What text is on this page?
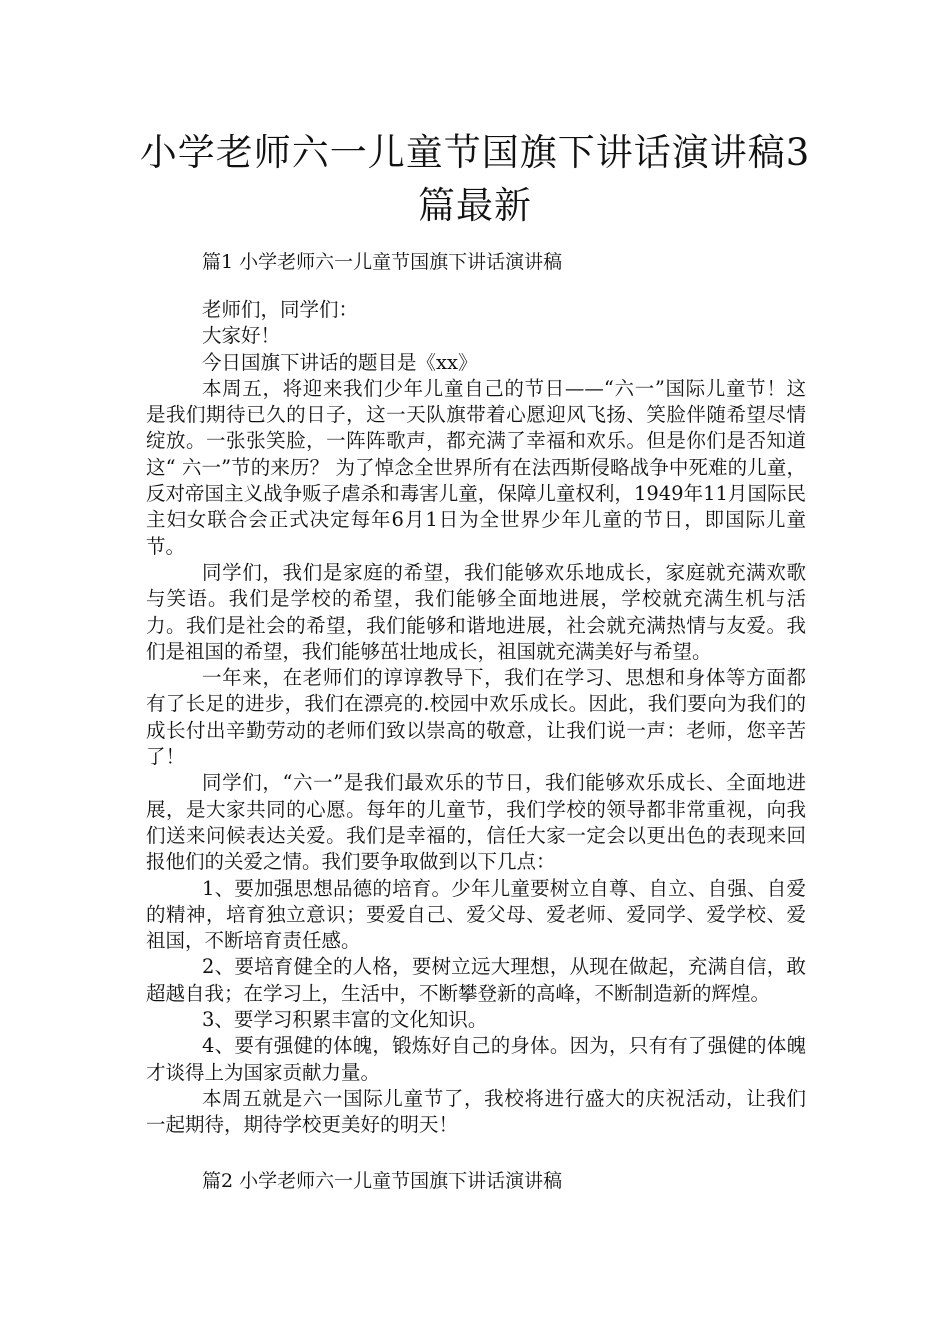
小学老师六一儿童节国旗下讲话演讲稿3篇最新
篇1 小学老师六一儿童节国旗下讲话演讲稿

老师们，同学们：

大家好！

今日国旗下讲话的题目是《xx》

本周五，将迎来我们少年儿童自己的节日——“六一”国际儿童节！这是我们期待已久的日子，这一天队旗带着心愿迎风飞扬、笑脸伴随希望尽情绽放。一张张笑脸，一阵阵歌声，都充满了幸福和欢乐。但是你们是否知道这“ 六一”节的来历？ 为了悼念全世界所有在法西斯侵略战争中死难的儿童，反对帝国主义战争贩子虐杀和毒害儿童，保障儿童权利，1949年11月国际民主妇女联合会正式决定每年6月1日为全世界少年儿童的节日，即国际儿童节。

同学们，我们是家庭的希望，我们能够欢乐地成长，家庭就充满欢歌与笑语。我们是学校的希望，我们能够全面地进展，学校就充满生机与活力。我们是社会的希望，我们能够和谐地进展，社会就充满热情与友爱。我们是祖国的希望，我们能够茁壮地成长，祖国就充满美好与希望。

一年来，在老师们的谆谆教导下，我们在学习、思想和身体等方面都有了长足的进步，我们在漂亮的.校园中欢乐成长。因此，我们要向为我们的成长付出辛勤劳动的老师们致以崇高的敬意，让我们说一声：老师，您辛苦了！

同学们，“六一”是我们最欢乐的节日，我们能够欢乐成长、全面地进展，是大家共同的心愿。每年的儿童节，我们学校的领导都非常重视，向我们送来问候表达关爱。我们是幸福的，信任大家一定会以更出色的表现来回报他们的关爱之情。我们要争取做到以下几点：

1、要加强思想品德的培育。少年儿童要树立自尊、自立、自强、自爱的精神，培育独立意识；要爱自己、爱父母、爱老师、爱同学、爱学校、爱祖国，不断培育责任感。

2、要培育健全的人格，要树立远大理想，从现在做起，充满自信，敢超越自我；在学习上，生活中，不断攀登新的高峰，不断制造新的辉煌。

3、要学习积累丰富的文化知识。

4、要有强健的体魄，锻炼好自己的身体。因为，只有有了强健的体魄才谈得上为国家贡献力量。

本周五就是六一国际儿童节了，我校将进行盛大的庆祝活动，让我们一起期待，期待学校更美好的明天！

篇2 小学老师六一儿童节国旗下讲话演讲稿
